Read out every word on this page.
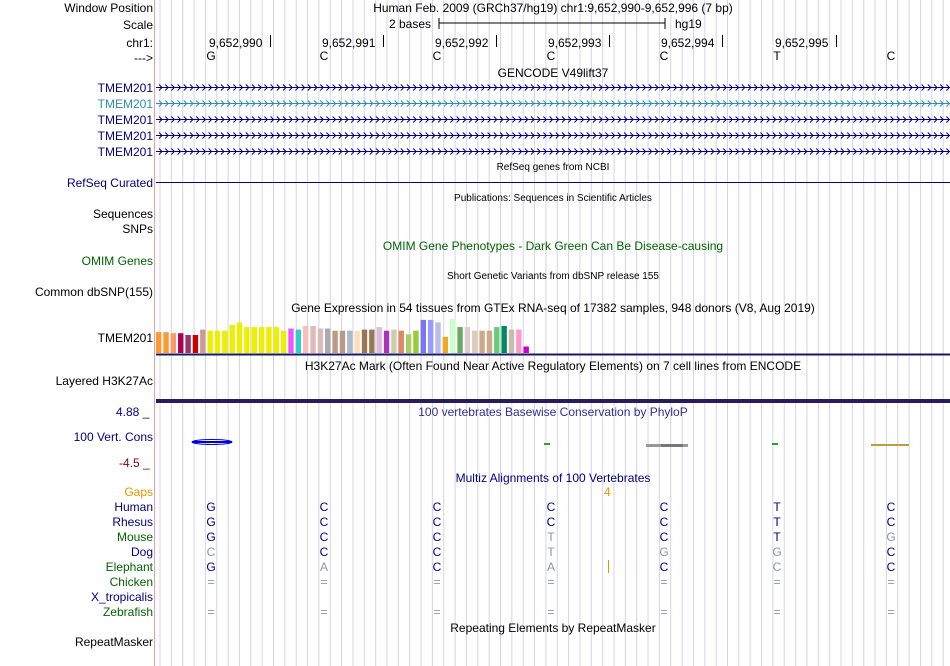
Window Position	Human Feb. 2009 (GRCh37/hg19) chr1:9,652,990-9,652,996 (7 bp)
Scale	2 bases	hg19
chr1:	9,652,990	9,652,991	9,652,992	9,652,993	9,652,994	9,652,995
--->	G	C	C	C	C	T	C
GENCODE V49lift37
TMEM201
TMEM201
TMEM201
TMEM201
TMEM201
RefSeq genes from NCBI
RefSeq Curated
Publications: Sequences in Scientific Articles
Sequences
SNPs
OMIM Gene Phenotypes - Dark Green Can Be Disease-causing
OMIM Genes
Short Genetic Variants from dbSNP release 155
Common dbSNP(155)
Gene Expression in 54 tissues from GTEx RNA-seq of 17382 samples, 948 donors (V8, Aug 2019)
TMEM201
H3K27Ac Mark (Often Found Near Active Regulatory Elements) on 7 cell lines from ENCODE
Layered H3K27Ac
100 vertebrates Basewise Conservation by PhyloP
4.88 _
100 Vert. Cons
-4.5 _
Multiz Alignments of 100 Vertebrates
Gaps	4
Human	G	C	C	C	C	T	C
Rhesus	G	C	C	C	C	T	C
Mouse	G	C	C	T	C	T	G
Dog	C	C	C	T	G	G	C
Elephant	G	A	C	A	C	C	C
Chicken	=	=	=	=	=	=	=
X_tropicalis
Zebrafish	=	=	=	=	=	=	=
Repeating Elements by RepeatMasker
RepeatMasker
